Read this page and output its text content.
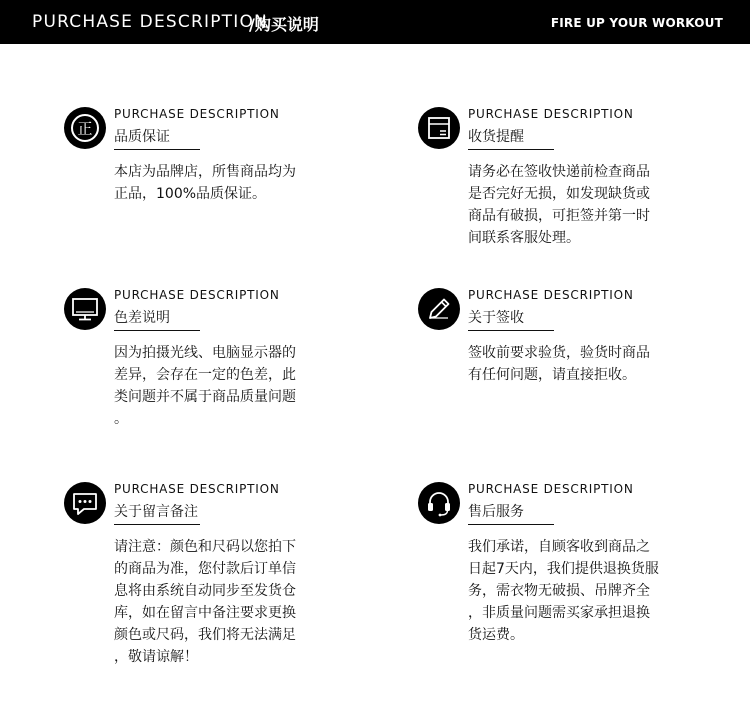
PURCHASE DESCRIPTION
/购买说明	FIRE UP YOUR WORKOUT
正
PURCHASE DESCRIPTION
品质保证
本店为品牌店，所售商品均为
正品，100%品质保证。
PURCHASE DESCRIPTION
收货提醒
请务必在签收快递前检查商品
是否完好无损，如发现缺货或
商品有破损，可拒签并第一时
间联系客服处理。
PURCHASE DESCRIPTION
色差说明
因为拍摄光线、电脑显示器的
差异，会存在一定的色差，此
类问题并不属于商品质量问题
。
PURCHASE DESCRIPTION
关于签收
签收前要求验货，验货时商品
有任何问题，请直接拒收。
PURCHASE DESCRIPTION
关于留言备注
请注意：颜色和尺码以您拍下
的商品为准，您付款后订单信
息将由系统自动同步至发货仓
库，如在留言中备注要求更换
颜色或尺码，我们将无法满足
，敬请谅解！
PURCHASE DESCRIPTION
售后服务
我们承诺，自顾客收到商品之
日起7天内，我们提供退换货服
务，需衣物无破损、吊牌齐全
，非质量问题需买家承担退换
货运费。
